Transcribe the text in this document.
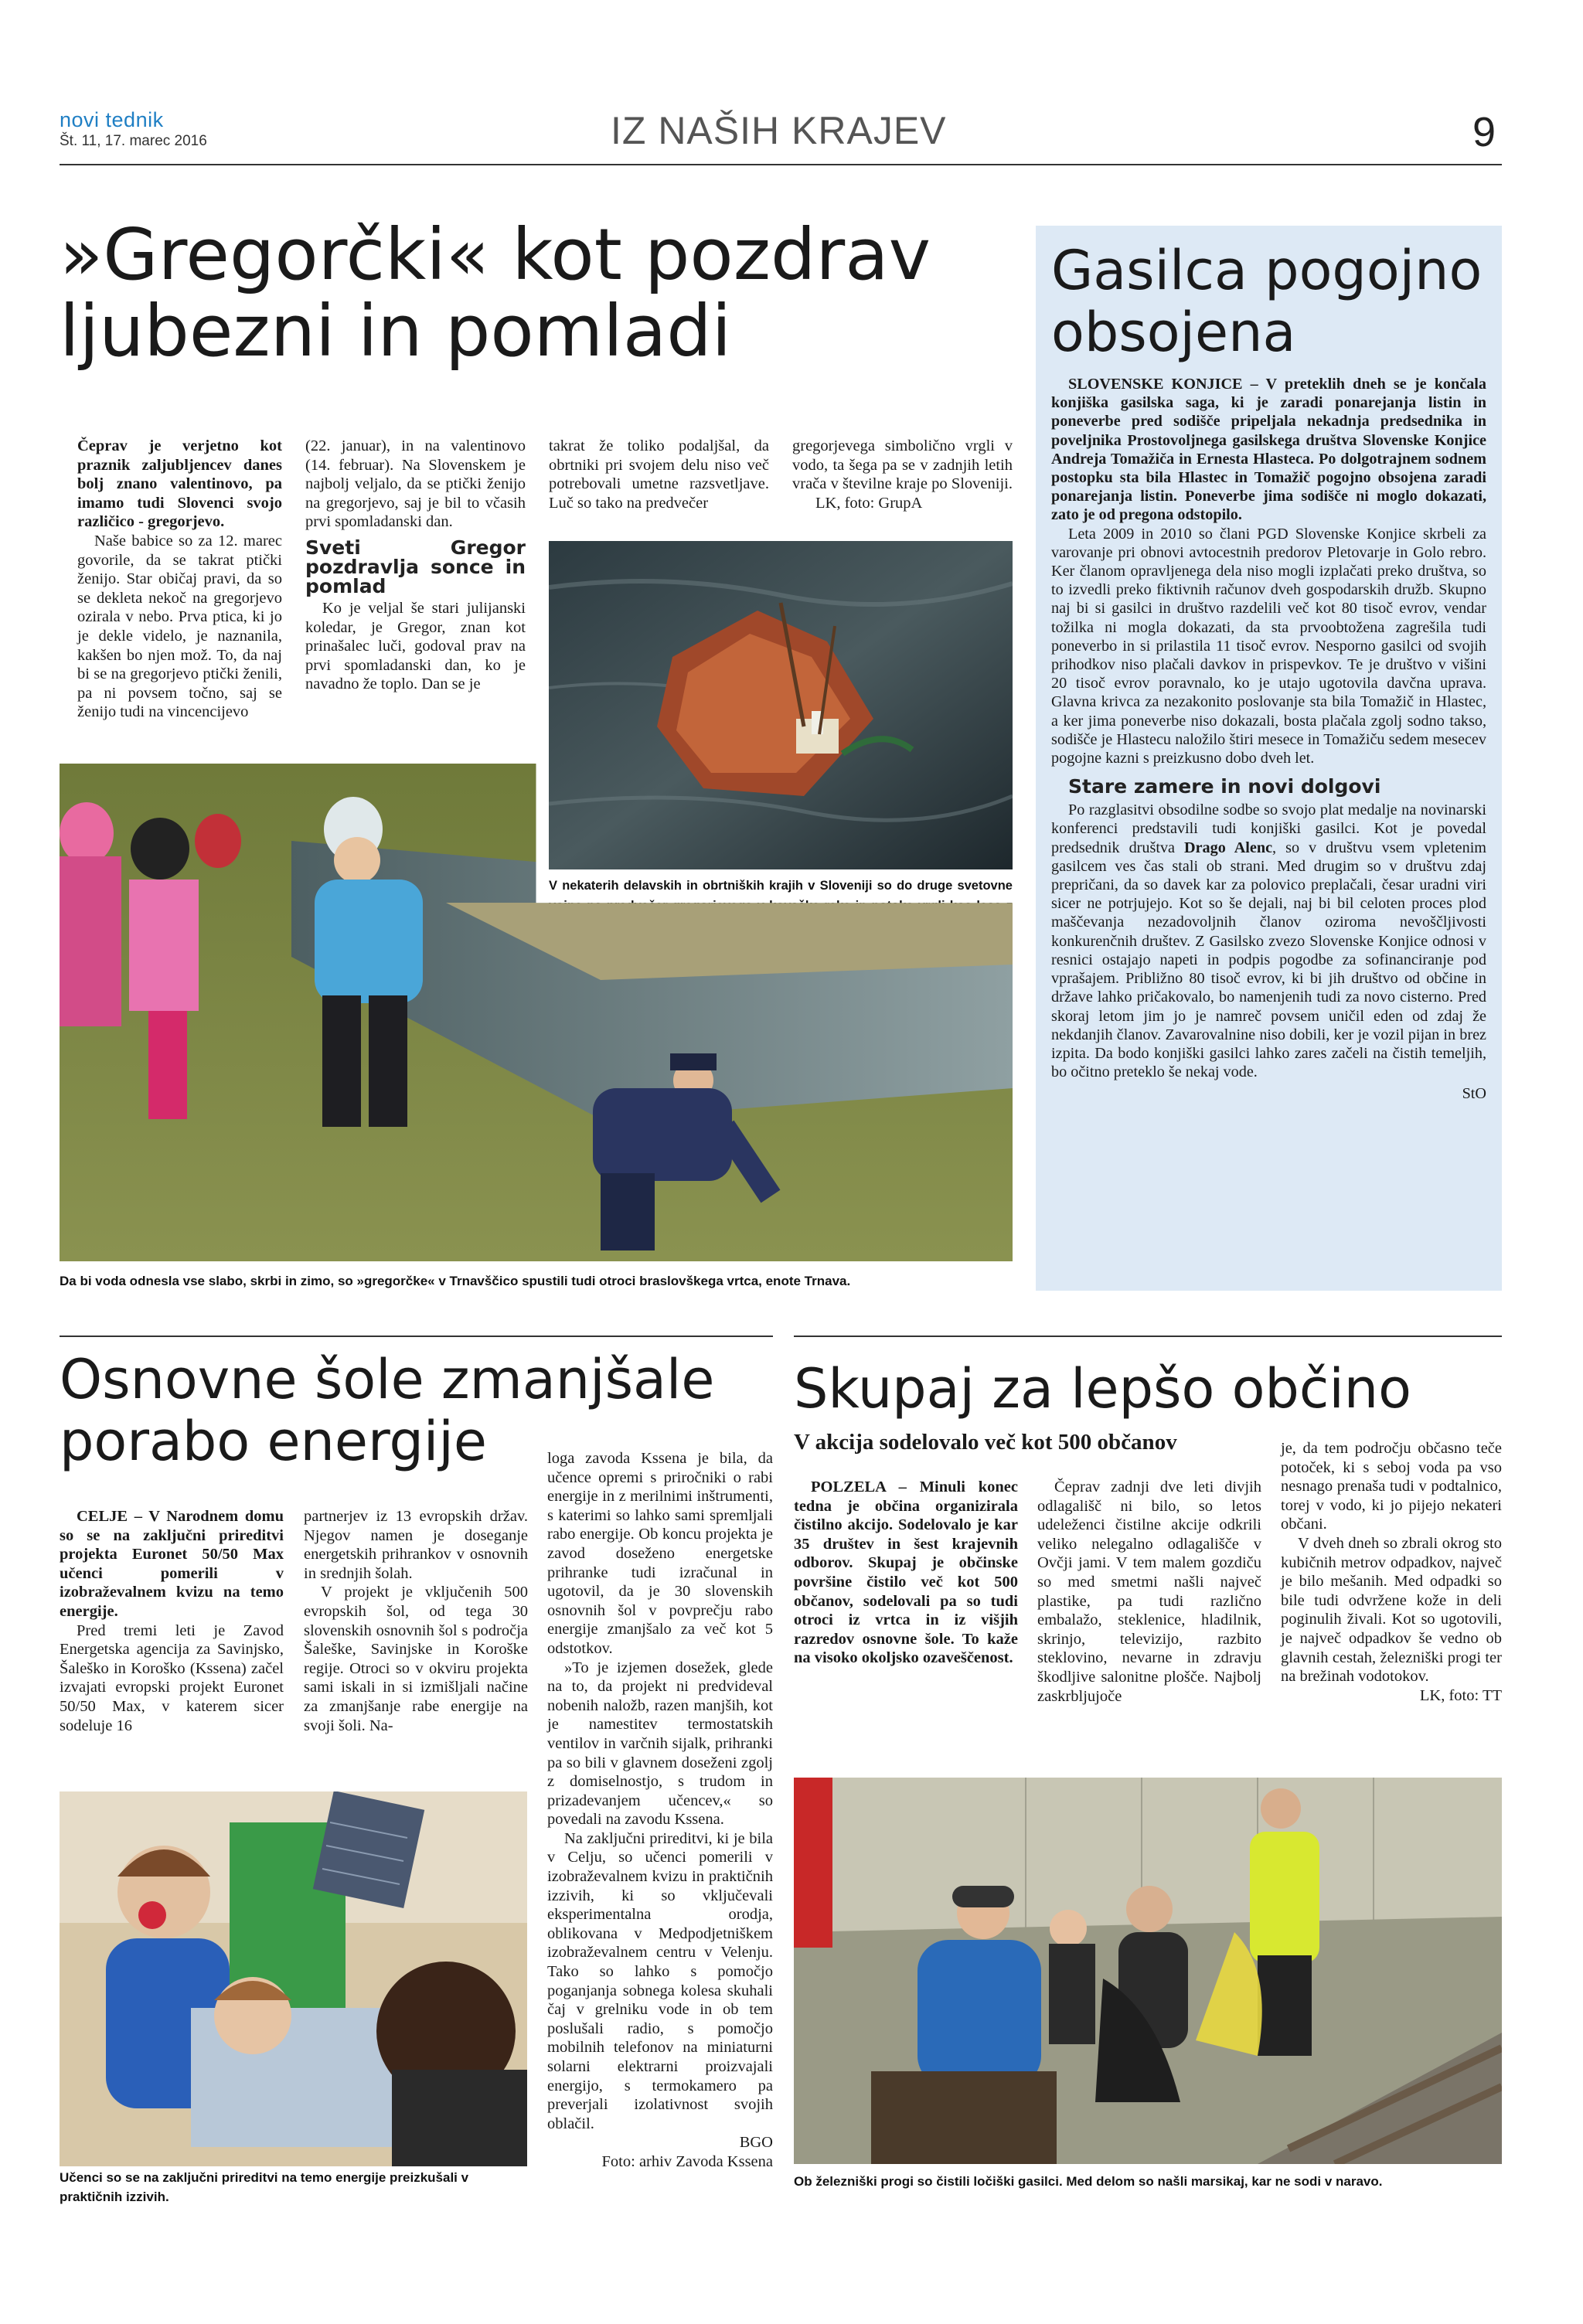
novi tednik
Št. 11, 17. marec 2016	IZ NAŠIH KRAJEV	9
»Gregorčki« kot pozdrav
ljubezni in pomladi

Čeprav je verjetno kot praznik zaljubljencev danes bolj znano valentinovo, pa imamo tudi Slovenci svojo različico - gregorjevo.

Naše babice so za 12. marec govorile, da se takrat ptički ženijo. Star običaj pravi, da so se dekleta nekoč na gregorjevo ozirala v nebo. Prva ptica, ki jo je dekle videlo, je naznanila, kakšen bo njen mož. To, da naj bi se na gregorjevo ptički ženili, pa ni povsem točno, saj se ženijo tudi na vincencijevo

(22. januar), in na valentinovo (14. februar). Na Slovenskem je najbolj veljalo, da se ptički ženijo na gregorjevo, saj je bil to včasih prvi spomladanski dan.

Sveti Gregor pozdravlja sonce in pomlad

Ko je veljal še stari julijanski koledar, je Gregor, znan kot prinašalec luči, godoval prav na prvi spomladanski dan, ko je navadno že toplo. Dan se je

takrat že toliko podaljšal, da obrtniki pri svojem delu niso več potrebovali umetne razsvetljave. Luč so tako na predvečer

gregorjevega simbolično vrgli v vodo, ta šega pa se v zadnjih letih vrača v številne kraje po Sloveniji. LK, foto: GrupA

V nekaterih delavskih in obrtniških krajih v Sloveniji so do druge svetovne
Da bi voda odnesla vse slabo, skrbi in zimo, so »gregorčke« v Trnavščico spustili tudi otroci braslovškega vrtca, enote Trnava.
Gasilca pogojno
obsojena

SLOVENSKE KONJICE – V preteklih dneh se je končala konjiška gasilska saga, ki je zaradi ponarejanja listin in poneverbe pred sodišče pripeljala nekadnja predsednika in poveljnika Prostovoljnega gasilskega društva Slovenske Konjice Andreja Tomažiča in Ernesta Hlasteca. Po dolgotrajnem sodnem postopku sta bila Hlastec in Tomažič pogojno obsojena zaradi ponarejanja listin. Poneverbe jima sodišče ni moglo dokazati, zato je od pregona odstopilo.

Leta 2009 in 2010 so člani PGD Slovenske Konjice skrbeli za varovanje pri obnovi avtocestnih predorov Pletovarje in Golo rebro. Ker članom opravljenega dela niso mogli izplačati preko društva, so to izvedli preko fiktivnih računov dveh gospodarskih družb. Skupno naj bi si gasilci in društvo razdelili več kot 80 tisoč evrov, vendar tožilka ni mogla dokazati, da sta prvoobtožena zagrešila tudi poneverbo in si prilastila 11 tisoč evrov. Nesporno gasilci od svojih prihodkov niso plačali davkov in prispevkov. Te je društvo v višini 20 tisoč evrov poravnalo, ko je utajo ugotovila davčna uprava. Glavna krivca za nezakonito poslovanje sta bila Tomažič in Hlastec, a ker jima poneverbe niso dokazali, bosta plačala zgolj sodno takso, sodišče je Hlastecu naložilo štiri mesece in Tomažiču sedem mesecev pogojne kazni s preizkusno dobo dveh let.

Stare zamere in novi dolgovi

Po razglasitvi obsodilne sodbe so svojo plat medalje na novinarski konferenci predstavili tudi konjiški gasilci. Kot je povedal predsednik društva Drago Alenc, so v društvu vsem vpletenim gasilcem ves čas stali ob strani. Med drugim so v društvu zdaj prepričani, da so davek kar za polovico preplačali, česar uradni viri sicer ne potrjujejo. Kot so še dejali, naj bi bil celoten proces plod maščevanja nezadovoljnih članov oziroma nevoščljivosti konkurenčnih društev. Z Gasilsko zvezo Slovenske Konjice odnosi v resnici ostajajo napeti in podpis pogodbe za sofinanciranje pod vprašajem. Približno 80 tisoč evrov, ki bi jih društvo od občine in države lahko pričakovalo, bo namenjenih tudi za novo cisterno. Pred skoraj letom jim jo je namreč povsem uničil eden od zdaj že nekdanjih članov. Zavarovalnine niso dobili, ker je vozil pijan in brez izpita. Da bodo konjiški gasilci lahko zares začeli na čistih temeljih, bo očitno preteklo še nekaj vode.

StO
Osnovne šole zmanjšale
porabo energije

CELJE – V Narodnem domu so se na zaključni prireditvi projekta Euronet 50/50 Max učenci pomerili v izobraževalnem kvizu na temo energije.

Pred tremi leti je Zavod Energetska agencija za Savinjsko, Šaleško in Koroško (Kssena) začel izvajati evropski projekt Euronet 50/50 Max, v katerem sicer sodeluje 16

partnerjev iz 13 evropskih držav. Njegov namen je doseganje energetskih prihrankov v osnovnih in srednjih šolah.

V projekt je vključenih 500 evropskih šol, od tega 30 slovenskih osnovnih šol s področja Šaleške, Savinjske in Koroške regije. Otroci so v okviru projekta sami iskali in si izmišljali načine za zmanjšanje rabe energije na svoji šoli. Na-

loga zavoda Kssena je bila, da učence opremi s priročniki o rabi energije in z merilnimi inštrumenti, s katerimi so lahko sami spremljali rabo energije. Ob koncu projekta je zavod doseženo energetske prihranke tudi izračunal in ugotovil, da je 30 slovenskih osnovnih šol v povprečju rabo energije zmanjšalo za več kot 5 odstotkov.

»To je izjemen dosežek, glede na to, da projekt ni predvideval nobenih naložb, razen manjših, kot je namestitev termostatskih ventilov in varčnih sijalk, prihranki pa so bili v glavnem doseženi zgolj z domiselnostjo, s trudom in prizadevanjem učencev,« so povedali na zavodu Kssena.

Na zaključni prireditvi, ki je bila v Celju, so učenci pomerili v izobraževalnem kvizu in praktičnih izzivih, ki so vključevali eksperimentalna orodja, oblikovana v Medpodjetniškem izobraževalnem centru v Velenju. Tako so lahko s pomočjo poganjanja sobnega kolesa skuhali čaj v grelniku vode in ob tem poslušali radio, s pomočjo mobilnih telefonov na miniaturni solarni elektrarni proizvajali energijo, s termokamero pa preverjali izolativnost svojih oblačil.

BGO
Foto: arhiv Zavoda Kssena
Učenci so se na zaključni prireditvi na temo energije preizkušali v praktičnih izzivih.
Skupaj za lepšo občino
V akcija sodelovalo več kot 500 občanov

POLZELA – Minuli konec tedna je občina organizirala čistilno akcijo. Sodelovalo je kar 35 društev in šest krajevnih odborov. Skupaj je občinske površine čistilo več kot 500 občanov, sodelovali pa so tudi otroci iz vrtca in iz višjih razredov osnovne šole. To kaže na visoko okoljsko ozaveščenost.

Čeprav zadnji dve leti divjih odlagališč ni bilo, so letos udeleženci čistilne akcije odkrili veliko nelegalno odlagališče v Ovčji jami. V tem malem gozdiču so med smetmi našli največ plastike, pa tudi različno embalažo, steklenice, hladilnik, skrinjo, televizijo, razbito steklovino, nevarne in zdravju škodljive salonitne plošče. Najbolj zaskrbljujoče

je, da tem področju občasno teče potoček, ki s seboj voda pa vso nesnago prenaša tudi v podtalnico, torej v vodo, ki jo pijejo nekateri občani.

V dveh dneh so zbrali okrog sto kubičnih metrov odpadkov, največ je bilo mešanih. Med odpadki so bile tudi odvržene kože in deli poginulih živali. Kot so ugotovili, je največ odpadkov še vedno ob glavnih cestah, železniški progi ter na brežinah vodotokov.

LK, foto: TT
Ob železniški progi so čistili ločiški gasilci. Med delom so našli marsikaj, kar ne sodi v naravo.
